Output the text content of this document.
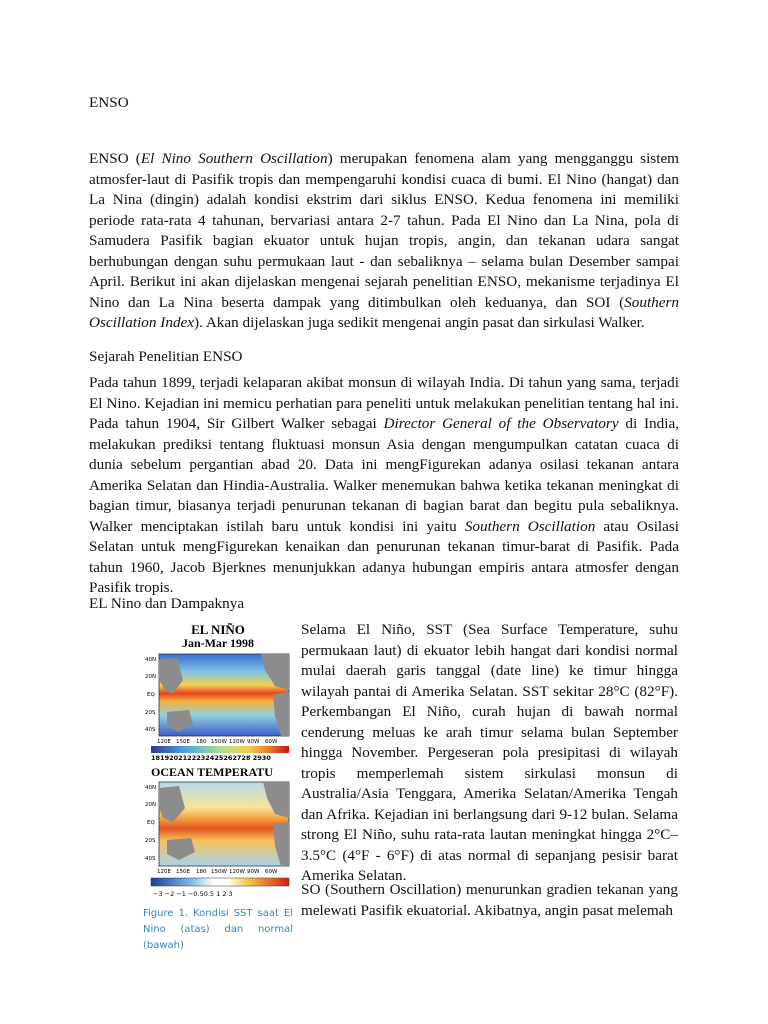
ENSO

ENSO (El Nino Southern Oscillation) merupakan fenomena alam yang mengganggu sistem atmosfer-laut di Pasifik tropis dan mempengaruhi kondisi cuaca di bumi. El Nino (hangat) dan La Nina (dingin) adalah kondisi ekstrim dari siklus ENSO. Kedua fenomena ini memiliki periode rata-rata 4 tahunan, bervariasi antara 2-7 tahun. Pada El Nino dan La Nina, pola di Samudera Pasifik bagian ekuator untuk hujan tropis, angin, dan tekanan udara sangat berhubungan dengan suhu permukaan laut - dan sebaliknya – selama bulan Desember sampai April. Berikut ini akan dijelaskan mengenai sejarah penelitian ENSO, mekanisme terjadinya El Nino dan La Nina beserta dampak yang ditimbulkan oleh keduanya, dan SOI (Southern Oscillation Index). Akan dijelaskan juga sedikit mengenai angin pasat dan sirkulasi Walker.

Sejarah Penelitian ENSO

Pada tahun 1899, terjadi kelaparan akibat monsun di wilayah India. Di tahun yang sama, terjadi El Nino. Kejadian ini memicu perhatian para peneliti untuk melakukan penelitian tentang hal ini. Pada tahun 1904, Sir Gilbert Walker sebagai Director General of the Observatory di India, melakukan prediksi tentang fluktuasi monsun Asia dengan mengumpulkan catatan cuaca di dunia sebelum pergantian abad 20. Data ini mengFigurekan adanya osilasi tekanan antara Amerika Selatan dan Hindia-Australia. Walker menemukan bahwa ketika tekanan meningkat di bagian timur, biasanya terjadi penurunan tekanan di bagian barat dan begitu pula sebaliknya. Walker menciptakan istilah baru untuk kondisi ini yaitu Southern Oscillation atau Osilasi Selatan untuk mengFigurekan kenaikan dan penurunan tekanan timur-barat di Pasifik. Pada tahun 1960, Jacob Bjerknes menunjukkan adanya hubungan empiris antara atmosfer dengan Pasifik tropis.

EL Nino dan Dampaknya

Selama El Niño, SST (Sea Surface Temperature, suhu permukaan laut) di ekuator lebih hangat dari kondisi normal mulai daerah garis tanggal (date line) ke timur hingga wilayah pantai di Amerika Selatan. SST sekitar 28°C (82°F). Perkembangan El Niño, curah hujan di bawah normal cenderung meluas ke arah timur selama bulan September hingga November. Pergeseran pola presipitasi di wilayah tropis memperlemah sistem sirkulasi monsun di Australia/Asia Tenggara, Amerika Selatan/Amerika Tengah dan Afrika. Kejadian ini berlangsung dari 9-12 bulan. Selama strong El Niño, suhu rata-rata lautan meningkat hingga 2°C–3.5°C (4°F - 6°F) di atas normal di sepanjang pesisir barat Amerika Selatan.

SO (Southern Oscillation) menurunkan gradien tekanan yang melewati Pasifik ekuatorial. Akibatnya, angin pasat melemah

EL NIÑO
Jan-Mar 1998
40N
20N
EQ
20S
40S
120E 150E 180 150W 120W 90W 60W
1819202122232425262728 2930
OCEAN TEMPERATU
40N
20N
EQ
20S
40S
120E 150E 180 150W 120W 90W 60W
−3 −2 −1 −0.50.5 1 2 3
Figure 1. Kondisi SST saat El Nino (atas) dan normal (bawah)
